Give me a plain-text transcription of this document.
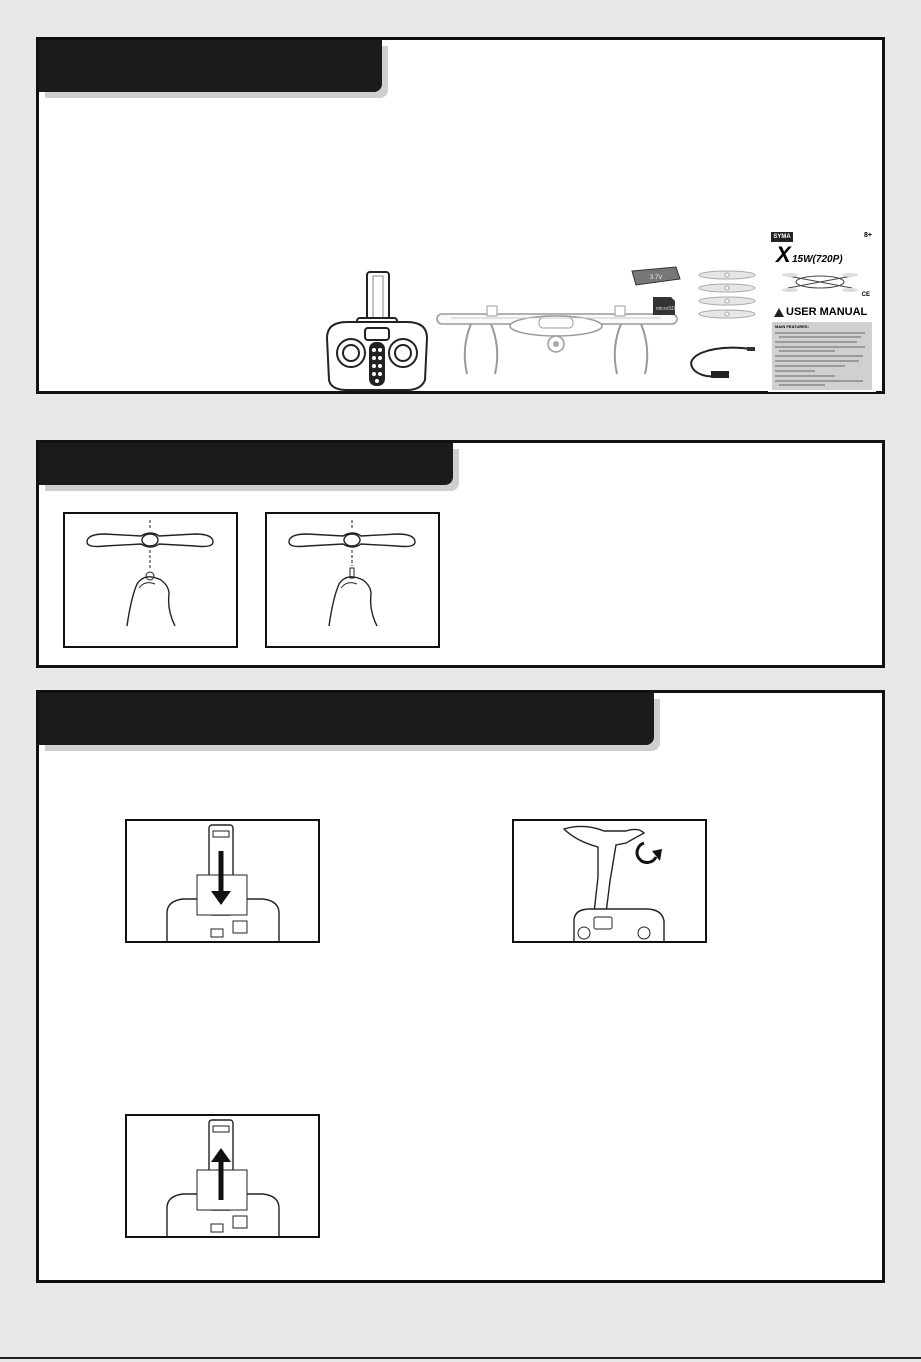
3.7V
microSD
SYMA	8+
X 15W(720P)
CE
USER MANUAL
MAIN FEATURES:
